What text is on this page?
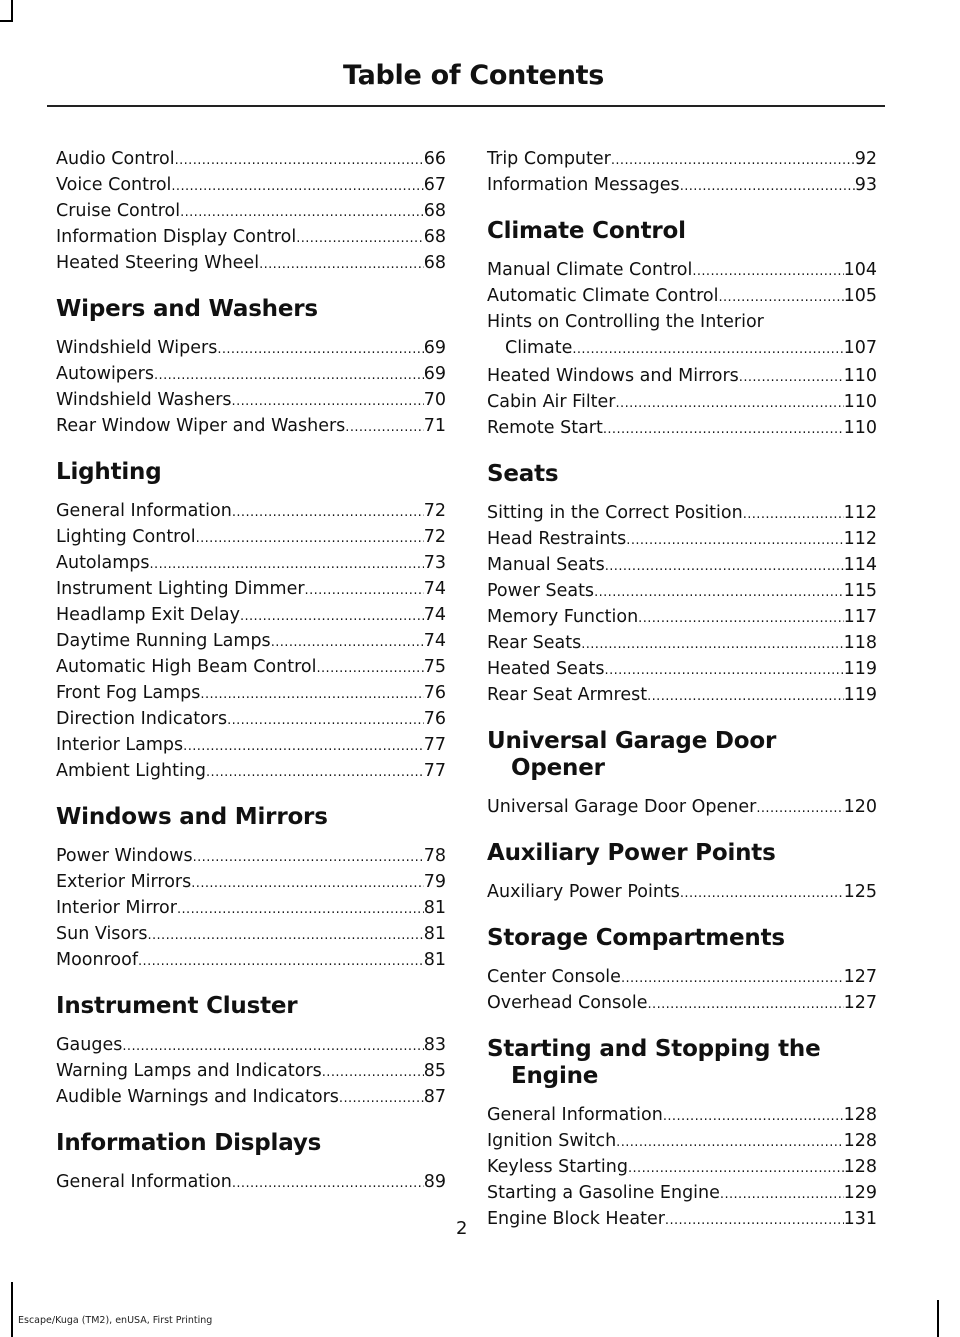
Table of Contents
Audio Control .....	66
Voice Control .....	67
Cruise Control .....	68
Information Display Control .....	68
Heated Steering Wheel .....	68
Wipers and Washers
Windshield Wipers .....	69
Autowipers .....	69
Windshield Washers .....	70
Rear Window Wiper and Washers .....	71
Lighting
General Information .....	72
Lighting Control .....	72
Autolamps .....	73
Instrument Lighting Dimmer .....	74
Headlamp Exit Delay .....	74
Daytime Running Lamps .....	74
Automatic High Beam Control .....	75
Front Fog Lamps .....	76
Direction Indicators .....	76
Interior Lamps .....	77
Ambient Lighting .....	77
Windows and Mirrors
Power Windows .....	78
Exterior Mirrors .....	79
Interior Mirror .....	81
Sun Visors .....	81
Moonroof .....	81
Instrument Cluster
Gauges .....	83
Warning Lamps and Indicators .....	85
Audible Warnings and Indicators .....	87
Information Displays
General Information .....	89
Trip Computer .....	92
Information Messages .....	93
Climate Control
Manual Climate Control .....	104
Automatic Climate Control .....	105
Hints on Controlling the Interior
Climate .....	107
Heated Windows and Mirrors .....	110
Cabin Air Filter .....	110
Remote Start .....	110
Seats
Sitting in the Correct Position .....	112
Head Restraints .....	112
Manual Seats .....	114
Power Seats .....	115
Memory Function .....	117
Rear Seats .....	118
Heated Seats .....	119
Rear Seat Armrest .....	119
Universal Garage Door
Opener
Universal Garage Door Opener .....	120
Auxiliary Power Points
Auxiliary Power Points .....	125
Storage Compartments
Center Console .....	127
Overhead Console .....	127
Starting and Stopping the
Engine
General Information .....	128
Ignition Switch .....	128
Keyless Starting .....	128
Starting a Gasoline Engine .....	129
Engine Block Heater .....	131
2
Escape/Kuga (TM2), enUSA, First Printing
